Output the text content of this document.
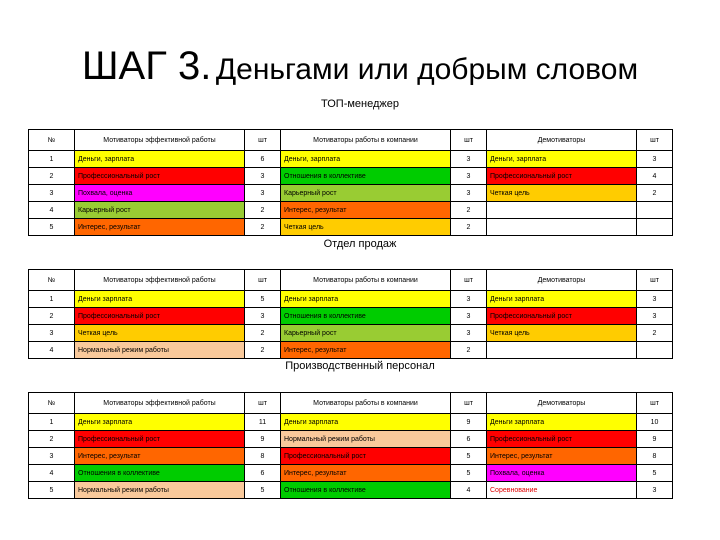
ШАГ 3. Деньгами или добрым словом
ТОП-менеджер
№	Мотиваторы эффективной работы	шт	Мотиваторы работы в компании	шт	Демотиваторы	шт
1	Деньги, зарплата	6	Деньги, зарплата	3	Деньги, зарплата	3
2	Профессиональный рост	3	Отношения в коллективе	3	Профессиональный рост	4
3	Похвала, оценка	3	Карьерный рост	3	Четкая цель	2
4	Карьерный рост	2	Интерес, результат	2		
5	Интерес, результат	2	Четкая цель	2		
Отдел продаж
№	Мотиваторы эффективной работы	шт	Мотиваторы работы в компании	шт	Демотиваторы	шт
1	Деньги зарплата	5	Деньги зарплата	3	Деньги зарплата	3
2	Профессиональный рост	3	Отношения в коллективе	3	Профессиональный рост	3
3	Четкая цель	2	Карьерный рост	3	Четкая цель	2
4	Нормальный режим работы	2	Интерес, результат	2		
Производственный персонал
№	Мотиваторы эффективной работы	шт	Мотиваторы работы в компании	шт	Демотиваторы	шт
1	Деньги зарплата	11	Деньги зарплата	9	Деньги зарплата	10
2	Профессиональный рост	9	Нормальный режим работы	6	Профессиональный рост	9
3	Интерес, результат	8	Профессиональный рост	5	Интерес, результат	8
4	Отношения в коллективе	6	Интерес, результат	5	Похвала, оценка	5
5	Нормальный режим работы	5	Отношения в коллективе	4	Соревнование	3
